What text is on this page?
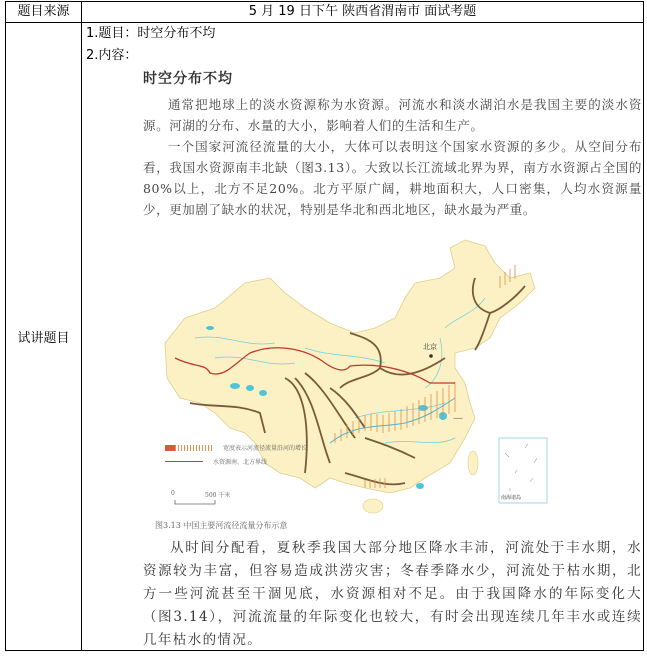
题目来源	5 月 19 日下午 陕西省渭南市 面试考题
试讲题目	
1.题目：时空分布不均
2.内容：
时空分布不均

通常把地球上的淡水资源称为水资源。河流水和淡水湖泊水是我国主要的淡水资源。河湖的分布、水量的大小，影响着人们的生活和生产。

一个国家河流径流量的大小，大体可以表明这个国家水资源的多少。从空间分布看，我国水资源南丰北缺（图3.13）。大致以长江流域北界为界，南方水资源占全国的80%以上，北方不足20%。北方平原广阔，耕地面积大，人口密集，人均水资源量少，更加剧了缺水的状况，特别是华北和西北地区，缺水最为严重。

—
北京
南海诸岛
0	500 千米
宽度表示河流径流量沿河的增长
水资源南、北方界线
图3.13 中国主要河流径流量分布示意

从时间分配看，夏秋季我国大部分地区降水丰沛，河流处于丰水期，水资源较为丰富，但容易造成洪涝灾害；冬春季降水少，河流处于枯水期，北方一些河流甚至干涸见底，水资源相对不足。由于我国降水的年际变化大（图3.14），河流流量的年际变化也较大，有时会出现连续几年丰水或连续几年枯水的情况。
